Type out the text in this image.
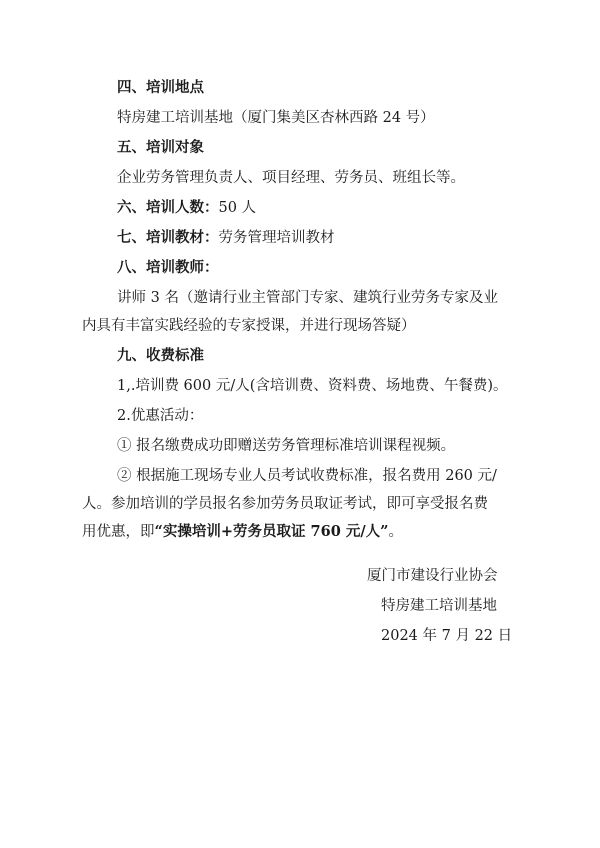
四、培训地点
特房建工培训基地（厦门集美区杏林西路 24 号）
五、培训对象
企业劳务管理负责人、项目经理、劳务员、班组长等。
六、培训人数：50 人
七、培训教材：劳务管理培训教材
八、培训教师：
讲师 3 名（邀请行业主管部门专家、建筑行业劳务专家及业
内具有丰富实践经验的专家授课，并进行现场答疑）
九、收费标准
1,.培训费 600 元/人(含培训费、资料费、场地费、午餐费)。
2.优惠活动：
① 报名缴费成功即赠送劳务管理标准培训课程视频。
② 根据施工现场专业人员考试收费标准，报名费用 260 元/
人。参加培训的学员报名参加劳务员取证考试，即可享受报名费
用优惠，即“实操培训+劳务员取证 760 元/人”。
厦门市建设行业协会
特房建工培训基地
2024 年 7 月 22 日
